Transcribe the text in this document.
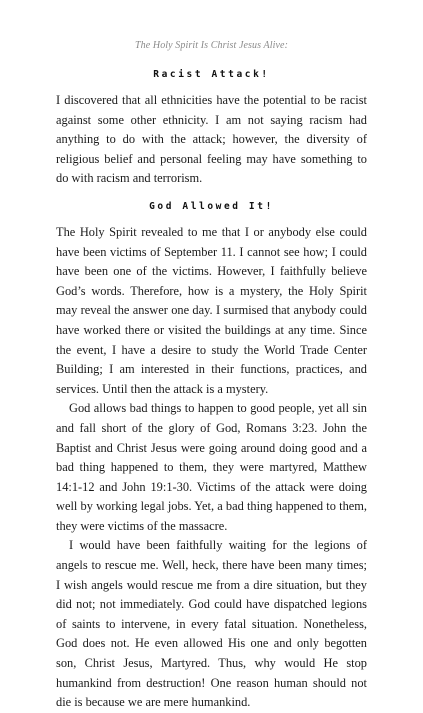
The Holy Spirit Is Christ Jesus Alive:
Racist Attack!

I discovered that all ethnicities have the potential to be racist against some other ethnicity. I am not saying racism had anything to do with the attack; however, the diversity of religious belief and personal feeling may have something to do with racism and terrorism.

God Allowed It!

The Holy Spirit revealed to me that I or anybody else could have been victims of September 11. I cannot see how; I could have been one of the victims. However, I faithfully believe God’s words. Therefore, how is a mystery, the Holy Spirit may reveal the answer one day. I surmised that anybody could have worked there or visited the buildings at any time. Since the event, I have a desire to study the World Trade Center Building; I am interested in their functions, practices, and services. Until then the attack is a mystery.

God allows bad things to happen to good people, yet all sin and fall short of the glory of God, Romans 3:23. John the Baptist and Christ Jesus were going around doing good and a bad thing happened to them, they were martyred, Matthew 14:1-12 and John 19:1-30. Victims of the attack were doing well by working legal jobs. Yet, a bad thing happened to them, they were victims of the massacre.

I would have been faithfully waiting for the legions of angels to rescue me. Well, heck, there have been many times; I wish angels would rescue me from a dire situation, but they did not; not immediately. God could have dispatched legions of saints to intervene, in every fatal situation. Nonetheless, God does not. He even allowed His one and only begotten son, Christ Jesus, Martyred. Thus, why would He stop humankind from destruction! One reason human should not die is because we are mere humankind.
